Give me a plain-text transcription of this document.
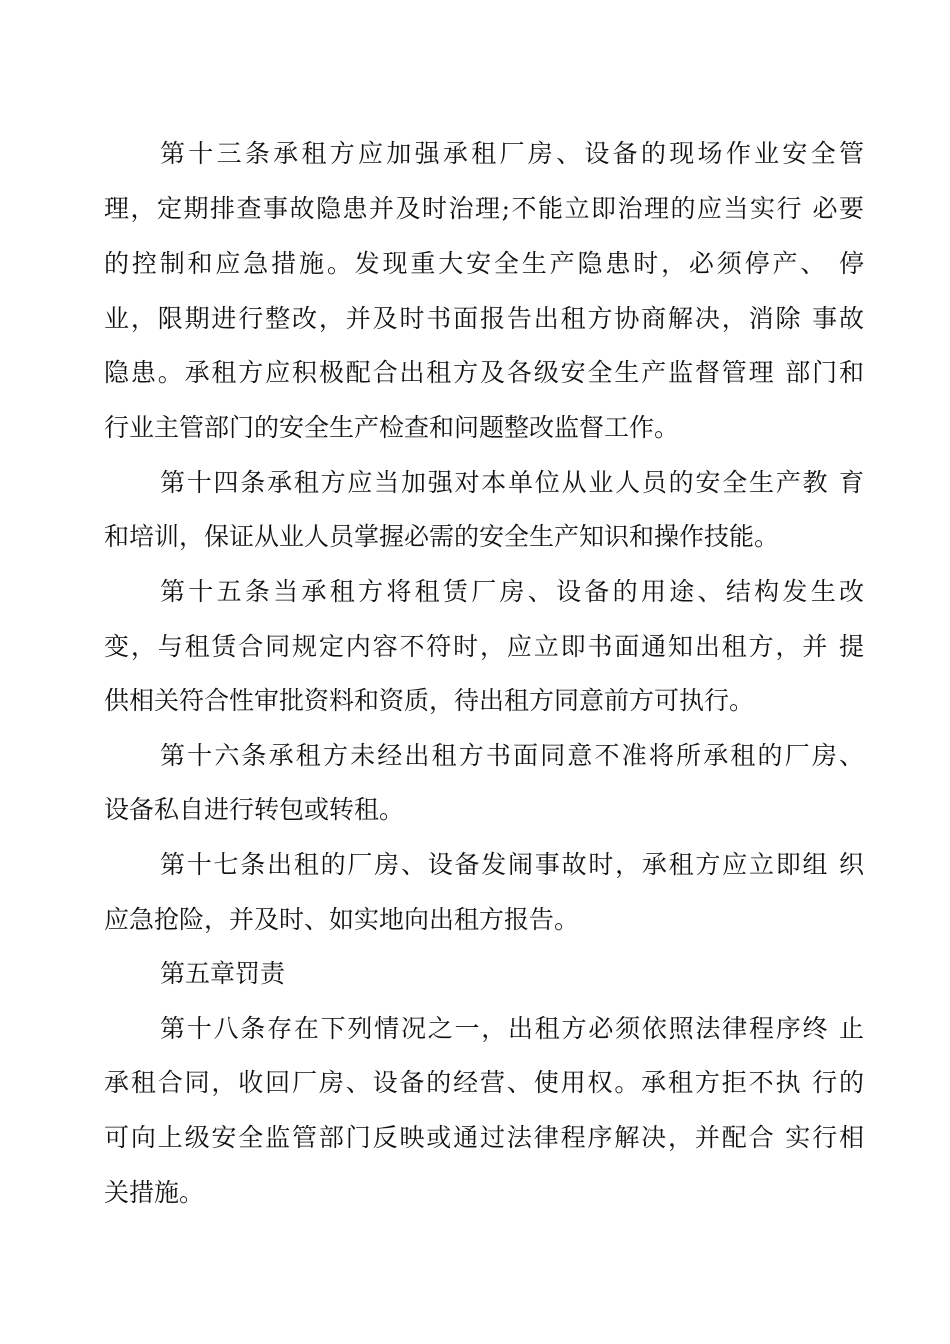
第十三条承租方应加强承租厂房、设备的现场作业安全管

理，定期排查事故隐患并及时治理;不能立即治理的应当实行 必要

的控制和应急措施。发现重大安全生产隐患时，必须停产、 停

业，限期进行整改，并及时书面报告出租方协商解决，消除 事故

隐患。承租方应积极配合出租方及各级安全生产监督管理 部门和

行业主管部门的安全生产检查和问题整改监督工作。

第十四条承租方应当加强对本单位从业人员的安全生产教 育

和培训，保证从业人员掌握必需的安全生产知识和操作技能。

第十五条当承租方将租赁厂房、设备的用途、结构发生改

变，与租赁合同规定内容不符时，应立即书面通知出租方，并 提

供相关符合性审批资料和资质，待出租方同意前方可执行。

第十六条承租方未经出租方书面同意不准将所承租的厂房、

设备私自进行转包或转租。

第十七条出租的厂房、设备发闹事故时，承租方应立即组 织

应急抢险，并及时、如实地向出租方报告。

第五章罚责

第十八条存在下列情况之一，出租方必须依照法律程序终 止

承租合同，收回厂房、设备的经营、使用权。承租方拒不执 行的

可向上级安全监管部门反映或通过法律程序解决，并配合 实行相

关措施。
